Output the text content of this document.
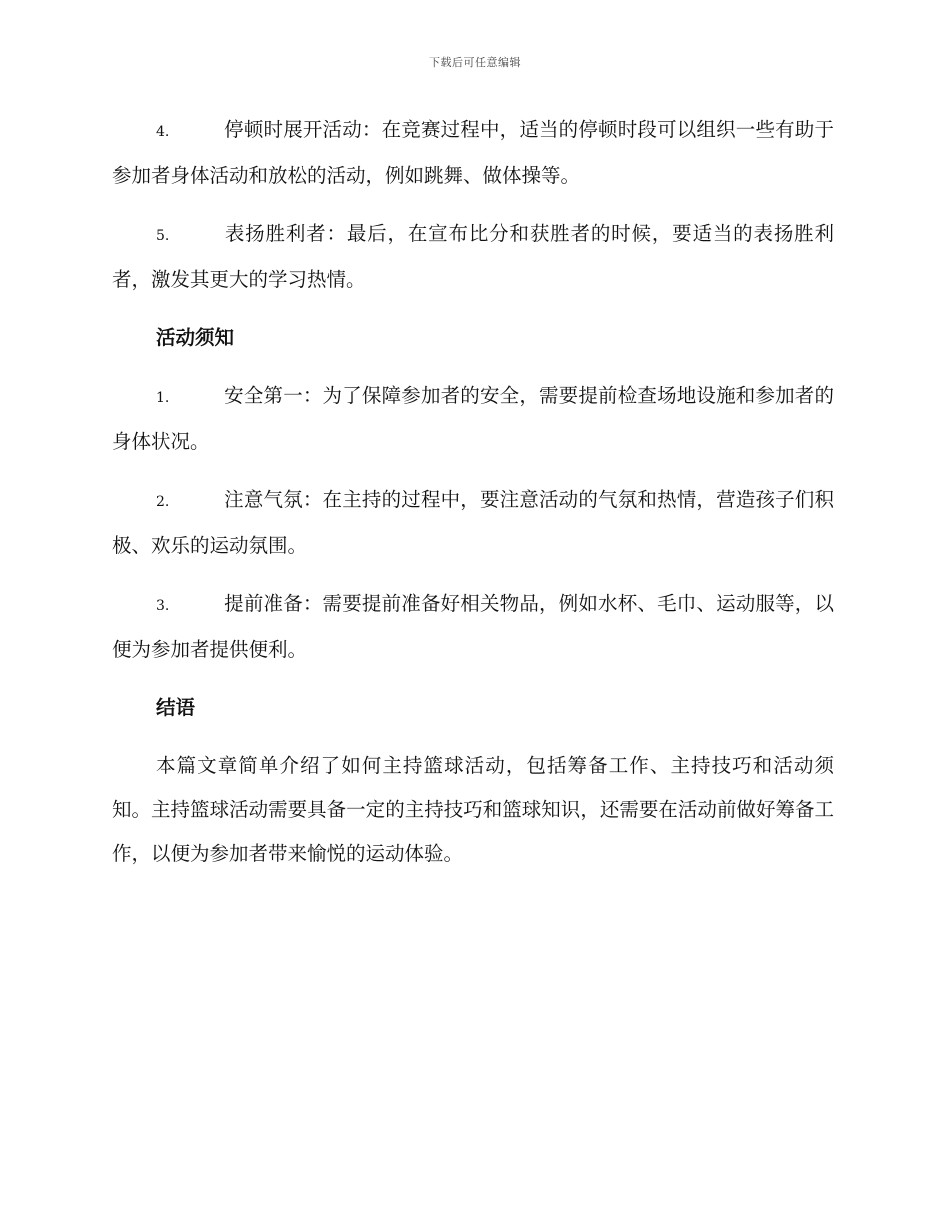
下载后可任意编辑

4.	停顿时展开活动：在竞赛过程中，适当的停顿时段可以组织一些有助于参加者身体活动和放松的活动，例如跳舞、做体操等。

5.	表扬胜利者：最后，在宣布比分和获胜者的时候，要适当的表扬胜利者，激发其更大的学习热情。

活动须知

1.	安全第一：为了保障参加者的安全，需要提前检查场地设施和参加者的身体状况。

2.	注意气氛：在主持的过程中，要注意活动的气氛和热情，营造孩子们积极、欢乐的运动氛围。

3.	提前准备：需要提前准备好相关物品，例如水杯、毛巾、运动服等，以便为参加者提供便利。

结语

本篇文章简单介绍了如何主持篮球活动，包括筹备工作、主持技巧和活动须知。主持篮球活动需要具备一定的主持技巧和篮球知识，还需要在活动前做好筹备工作，以便为参加者带来愉悦的运动体验。
